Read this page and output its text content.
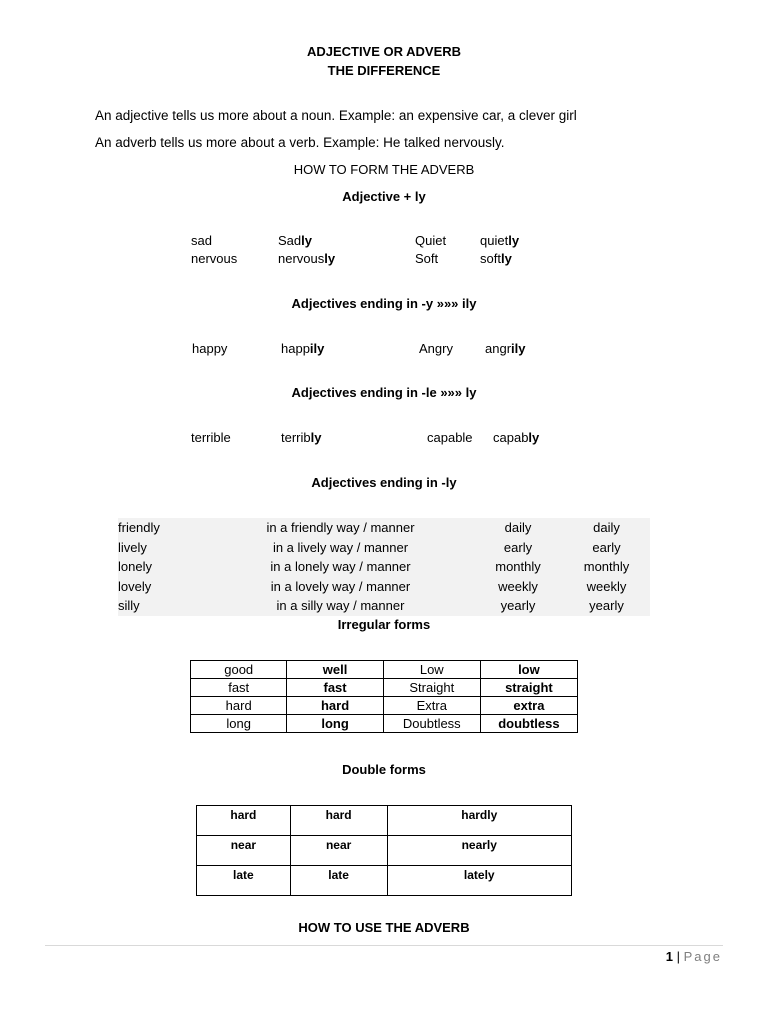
ADJECTIVE OR ADVERB
THE DIFFERENCE
An adjective tells us more about a noun. Example: an expensive car, a clever girl
An adverb tells us more about a verb. Example: He talked nervously.
HOW TO FORM THE ADVERB
Adjective + ly
sad	Sadly	Quiet	quietly
nervous	nervously	Soft	softly
Adjectives ending in -y »»» ily
happy	happily	Angry angrily
Adjectives ending in -le »»» ly
terrible	terribly	capable capably
Adjectives ending in -ly
friendly	in a friendly way / manner	daily	daily
lively	in a lively way / manner	early	early
lonely	in a lonely way / manner	monthly	monthly
lovely	in a lovely way / manner	weekly	weekly
silly	in a silly way / manner	yearly	yearly
Irregular forms
good	well	Low	low
fast	fast	Straight	straight
hard	hard	Extra	extra
long	long	Doubtless	doubtless
Double forms
hard	hard	hardly
near	near	nearly
late	late	lately
HOW TO USE THE ADVERB
1 | Page
